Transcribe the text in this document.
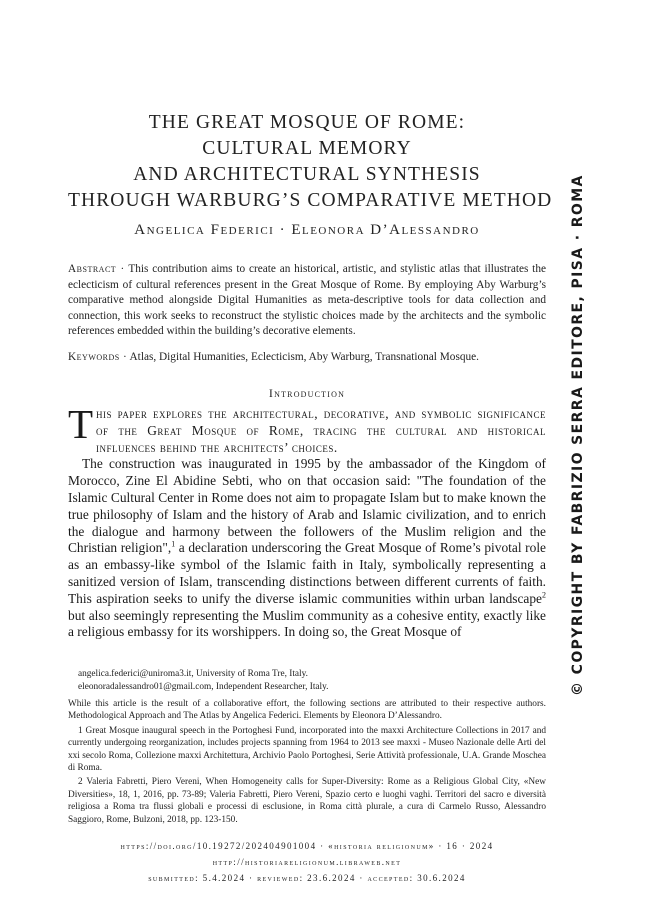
THE GREAT MOSQUE OF ROME:
CULTURAL MEMORY
AND ARCHITECTURAL SYNTHESIS
THROUGH WARBURG’S COMPARATIVE METHOD
Angelica Federici · Eleonora D’Alessandro
Abstract · This contribution aims to create an historical, artistic, and stylistic atlas that illustrates the eclecticism of cultural references present in the Great Mosque of Rome. By employing Aby Warburg’s comparative method alongside Digital Humanities as meta-descriptive tools for data collection and connection, this work seeks to reconstruct the stylistic choices made by the architects and the symbolic references embedded within the building’s decorative elements.
Keywords · Atlas, Digital Humanities, Eclecticism, Aby Warburg, Transnational Mosque.
Introduction

This paper explores the architectural, decorative, and symbolic significance of the Great Mosque of Rome, tracing the cultural and historical influences behind the architects’ choices.

The construction was inaugurated in 1995 by the ambassador of the Kingdom of Morocco, Zine El Abidine Sebti, who on that occasion said: "The foundation of the Islamic Cultural Center in Rome does not aim to propagate Islam but to make known the true philosophy of Islam and the history of Arab and Islamic civilization, and to enrich the dialogue and harmony between the followers of the Muslim religion and the Christian religion",$^1$ a declaration underscoring the Great Mosque of Rome’s pivotal role as an embassy-like symbol of the Islamic faith in Italy, symbolically representing a sanitized version of Islam, transcending distinctions between different currents of faith. This aspiration seeks to unify the diverse islamic communities within urban landscape$^2$ but also seemingly representing the Muslim community as a cohesive entity, exactly like a religious embassy for its worshippers. In doing so, the Great Mosque of

angelica.federici@uniroma3.it, University of Roma Tre, Italy.
eleonoradalessandro01@gmail.com, Independent Researcher, Italy.

While this article is the result of a collaborative effort, the following sections are attributed to their respective authors. Methodological Approach and The Atlas by Angelica Federici. Elements by Eleonora D’Alessandro.

1 Great Mosque inaugural speech in the Portoghesi Fund, incorporated into the maxxi Architecture Collections in 2017 and currently undergoing reorganization, includes projects spanning from 1964 to 2013 see maxxi - Museo Nazionale delle Arti del xxi secolo Roma, Collezione maxxi Architettura, Archivio Paolo Portoghesi, Serie Attività professionale, U.A. Grande Moschea di Roma.

2 Valeria Fabretti, Piero Vereni, When Homogeneity calls for Super-Diversity: Rome as a Religious Global City, «New Diversities», 18, 1, 2016, pp. 73-89; Valeria Fabretti, Piero Vereni, Spazio certo e luoghi vaghi. Territori del sacro e diversità religiosa a Roma tra flussi globali e processi di esclusione, in Roma città plurale, a cura di Carmelo Russo, Alessandro Saggioro, Rome, Bulzoni, 2018, pp. 123-150.

https://doi.org/10.19272/202404901004 · «historia religionum» · 16 · 2024
http://historiareligionum.libraweb.net
submitted: 5.4.2024 · reviewed: 23.6.2024 · accepted: 30.6.2024
© COPYRIGHT BY FABRIZIO SERRA EDITORE, PISA · ROMA
